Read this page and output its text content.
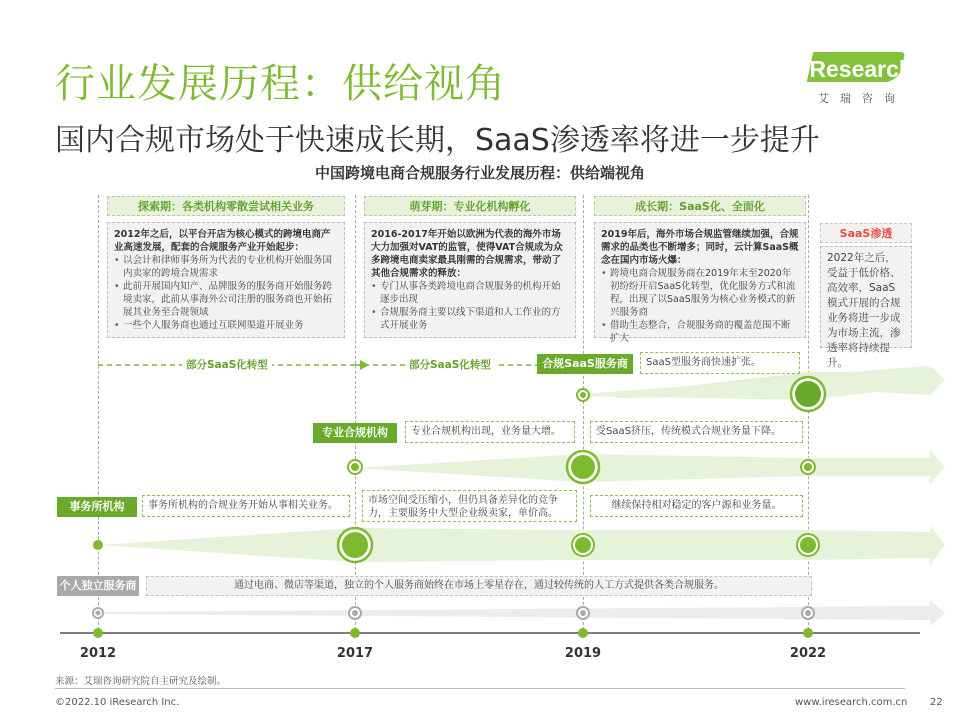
行业发展历程：供给视角
国内合规市场处于快速成长期，SaaS渗透率将进一步提升
iResearch
艾瑞咨询
中国跨境电商合规服务行业发展历程：供给端视角
探索期：各类机构零散尝试相关业务	萌芽期：专业化机构孵化	成长期：SaaS化、全面化
SaaS渗透
2012年之后，以平台开店为核心模式的跨境电商产业高速发展，配套的合规服务产业开始起步：
• 以会计和律师事务所为代表的专业机构开始服务国内卖家的跨境合规需求
• 此前开展国内知产、品牌服务的服务商开始服务跨境卖家，此前从事海外公司注册的服务商也开始拓展其业务至合规领域
• 一些个人服务商也通过互联网渠道开展业务
2016-2017年开始以欧洲为代表的海外市场大力加强对VAT的监管，使得VAT合规成为众多跨境电商卖家最具刚需的合规需求，带动了其他合规需求的释放：
• 专门从事各类跨境电商合规服务的机构开始逐步出现
• 合规服务商主要以线下渠道和人工作业的方式开展业务
2019年后，海外市场合规监管继续加强，合规需求的品类也不断增多；同时，云计算SaaS概念在国内市场火爆：
• 跨境电商合规服务商在2019年末至2020年初纷纷开启SaaS化转型，优化服务方式和流程，出现了以SaaS服务为核心业务模式的新兴服务商
• 借助生态整合，合规服务商的覆盖范围不断扩大
2022年之后，受益于低价格、高效率，SaaS模式开展的合规业务将进一步成为市场主流，渗透率将持续提升。
部分SaaS化转型	部分SaaS化转型	合规SaaS服务商	SaaS型服务商快速扩张。
专业合规机构	专业合规机构出现，业务量大增。	受SaaS挤压，传统模式合规业务量下降。
事务所机构	事务所机构的合规业务开始从事相关业务。	市场空间受压缩小，但仍具备差异化的竞争力，主要服务中大型企业级卖家，单价高。
继续保持相对稳定的客户源和业务量。
个人独立服务商	通过电商、微店等渠道，独立的个人服务商始终在市场上零星存在，通过较传统的人工方式提供各类合规服务。
2012	2017	2019	2022
来源：艾瑞咨询研究院自主研究及绘制。
©2022.10 iResearch Inc.	www.iresearch.com.cn 22
